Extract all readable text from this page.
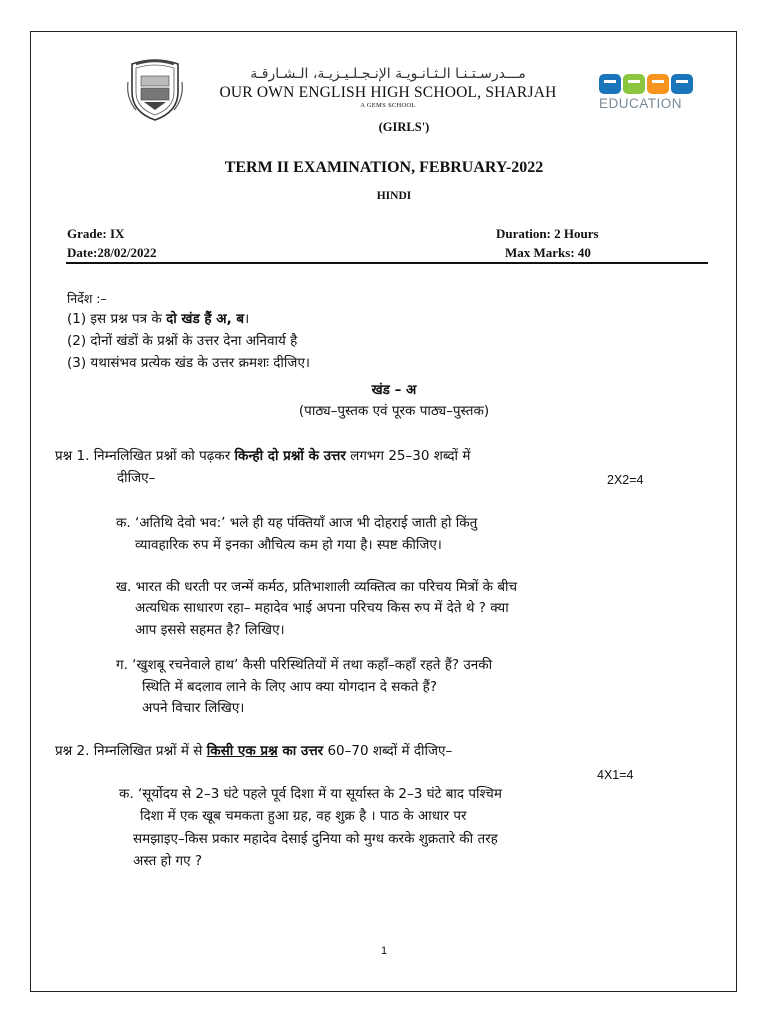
مـــدرسـتـنـا الـثـانـويـة الإنـجـلـيـزيـة، الـشـارقـة
OUR OWN ENGLISH HIGH SCHOOL, SHARJAH
A GEMS SCHOOL	EDUCATION
(GIRLS')
TERM II EXAMINATION, FEBRUARY-2022
HINDI
Grade: IX
Date:28/02/2022
Duration: 2 Hours
Max Marks: 40
निर्देश :–
(1) इस प्रश्न पत्र के दो खंड हैं अ, ब।
(2) दोनों खंडों के प्रश्नों के उत्तर देना अनिवार्य है
(3) यथासंभव प्रत्येक खंड के उत्तर क्रमशः दीजिए।
खंड – अ
(पाठ्य–पुस्तक एवं पूरक पाठ्य–पुस्तक)
प्रश्न 1. निम्नलिखित प्रश्नों को पढ़कर किन्ही दो प्रश्नों के उत्तर लगभग 25–30 शब्दों में
दीजिए–	2X2=4
क. ‘अतिथि देवो भव:’ भले ही यह पंक्तियाँ आज भी दोहराई जाती हो किंतु
व्यावहारिक रुप में इनका औचित्य कम हो गया है। स्पष्ट कीजिए।
ख. भारत की धरती पर जन्में कर्मठ, प्रतिभाशाली व्यक्तित्व का परिचय मित्रों के बीच
अत्यधिक साधारण रहा– महादेव भाई अपना परिचय किस रुप में देते थे ? क्या
आप इससे सहमत है? लिखिए।
ग. ‘खुशबू रचनेवाले हाथ’ कैसी परिस्थितियों में तथा कहाँ–कहाँ रहते हैं? उनकी
स्थिति में बदलाव लाने के लिए आप क्या योगदान दे सकते हैं?
अपने विचार लिखिए।
प्रश्न 2. निम्नलिखित प्रश्नों में से किसी एक प्रश्न का उत्तर 60–70 शब्दों में दीजिए–
4X1=4
क. ‘सूर्योदय से 2–3 घंटे पहले पूर्व दिशा में या सूर्यास्त के 2–3 घंटे बाद पश्चिम
दिशा में एक खूब चमकता हुआ ग्रह, वह शुक्र है । पाठ के आधार पर
समझाइए–किस प्रकार महादेव देसाई दुनिया को मुग्ध करके शुक्रतारे की तरह
अस्त हो गए ?
1
